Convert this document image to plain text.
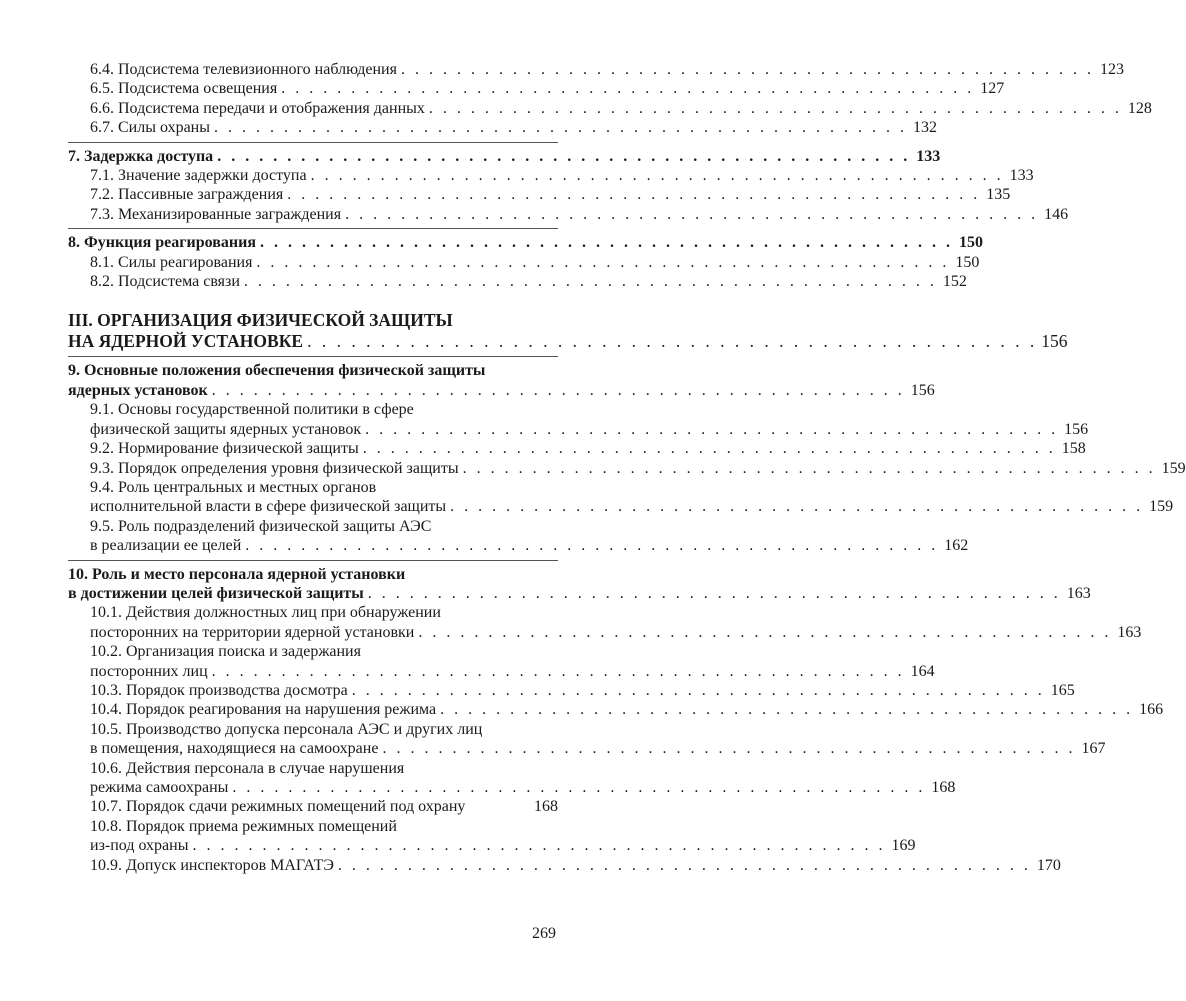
6.4. Подсистема телевизионного наблюдения . . . . . . . . . . . . . . . . . . . . . . . . . . . . . . . . . . . . . . . . . . . . . . . . . . 123
6.5. Подсистема освещения . . . . . . . . . . . . . . . . . . . . . . . . . . . . . . . . . . . . . . . . . . . . . . . . . . 127
6.6. Подсистема передачи и отображения данных . . . . . . . . . . . . . . . . . . . . . . . . . . . . . . . . . . . . . . . . . . . . . . . . . . 128
6.7. Силы охраны . . . . . . . . . . . . . . . . . . . . . . . . . . . . . . . . . . . . . . . . . . . . . . . . . . 132
7. Задержка доступа . . . . . . . . . . . . . . . . . . . . . . . . . . . . . . . . . . . . . . . . . . . . . . . . . . 133
7.1. Значение задержки доступа . . . . . . . . . . . . . . . . . . . . . . . . . . . . . . . . . . . . . . . . . . . . . . . . . . 133
7.2. Пассивные заграждения . . . . . . . . . . . . . . . . . . . . . . . . . . . . . . . . . . . . . . . . . . . . . . . . . . 135
7.3. Механизированные заграждения . . . . . . . . . . . . . . . . . . . . . . . . . . . . . . . . . . . . . . . . . . . . . . . . . . 146
8. Функция реагирования . . . . . . . . . . . . . . . . . . . . . . . . . . . . . . . . . . . . . . . . . . . . . . . . . . 150
8.1. Силы реагирования . . . . . . . . . . . . . . . . . . . . . . . . . . . . . . . . . . . . . . . . . . . . . . . . . . 150
8.2. Подсистема связи . . . . . . . . . . . . . . . . . . . . . . . . . . . . . . . . . . . . . . . . . . . . . . . . . . 152
III. ОРГАНИЗАЦИЯ ФИЗИЧЕСКОЙ ЗАЩИТЫ
НА ЯДЕРНОЙ УСТАНОВКЕ . . . . . . . . . . . . . . . . . . . . . . . . . . . . . . . . . . . . . . . . . . . . . . . . . . 156
9. Основные положения обеспечения физической защиты
ядерных установок . . . . . . . . . . . . . . . . . . . . . . . . . . . . . . . . . . . . . . . . . . . . . . . . . . 156
9.1. Основы государственной политики в сфере
физической защиты ядерных установок . . . . . . . . . . . . . . . . . . . . . . . . . . . . . . . . . . . . . . . . . . . . . . . . . . 156
9.2. Нормирование физической защиты . . . . . . . . . . . . . . . . . . . . . . . . . . . . . . . . . . . . . . . . . . . . . . . . . . 158
9.3. Порядок определения уровня физической защиты . . . . . . . . . . . . . . . . . . . . . . . . . . . . . . . . . . . . . . . . . . . . . . . . . . 159
9.4. Роль центральных и местных органов
исполнительной власти в сфере физической защиты . . . . . . . . . . . . . . . . . . . . . . . . . . . . . . . . . . . . . . . . . . . . . . . . . . 159
9.5. Роль подразделений физической защиты АЭС
в реализации ее целей . . . . . . . . . . . . . . . . . . . . . . . . . . . . . . . . . . . . . . . . . . . . . . . . . . 162
10. Роль и место персонала ядерной установки
в достижении целей физической защиты . . . . . . . . . . . . . . . . . . . . . . . . . . . . . . . . . . . . . . . . . . . . . . . . . . 163
10.1. Действия должностных лиц при обнаружении
посторонних на территории ядерной установки . . . . . . . . . . . . . . . . . . . . . . . . . . . . . . . . . . . . . . . . . . . . . . . . . . 163
10.2. Организация поиска и задержания
посторонних лиц . . . . . . . . . . . . . . . . . . . . . . . . . . . . . . . . . . . . . . . . . . . . . . . . . . 164
10.3. Порядок производства досмотра . . . . . . . . . . . . . . . . . . . . . . . . . . . . . . . . . . . . . . . . . . . . . . . . . . 165
10.4. Порядок реагирования на нарушения режима . . . . . . . . . . . . . . . . . . . . . . . . . . . . . . . . . . . . . . . . . . . . . . . . . . 166
10.5. Производство допуска персонала АЭС и других лиц
в помещения, находящиеся на самоохране . . . . . . . . . . . . . . . . . . . . . . . . . . . . . . . . . . . . . . . . . . . . . . . . . . 167
10.6. Действия персонала в случае нарушения
режима самоохраны . . . . . . . . . . . . . . . . . . . . . . . . . . . . . . . . . . . . . . . . . . . . . . . . . . 168
10.7. Порядок сдачи режимных помещений под охрану	168
10.8. Порядок приема режимных помещений
из-под охраны . . . . . . . . . . . . . . . . . . . . . . . . . . . . . . . . . . . . . . . . . . . . . . . . . . 169
10.9. Допуск инспекторов МАГАТЭ . . . . . . . . . . . . . . . . . . . . . . . . . . . . . . . . . . . . . . . . . . . . . . . . . . 170
269
